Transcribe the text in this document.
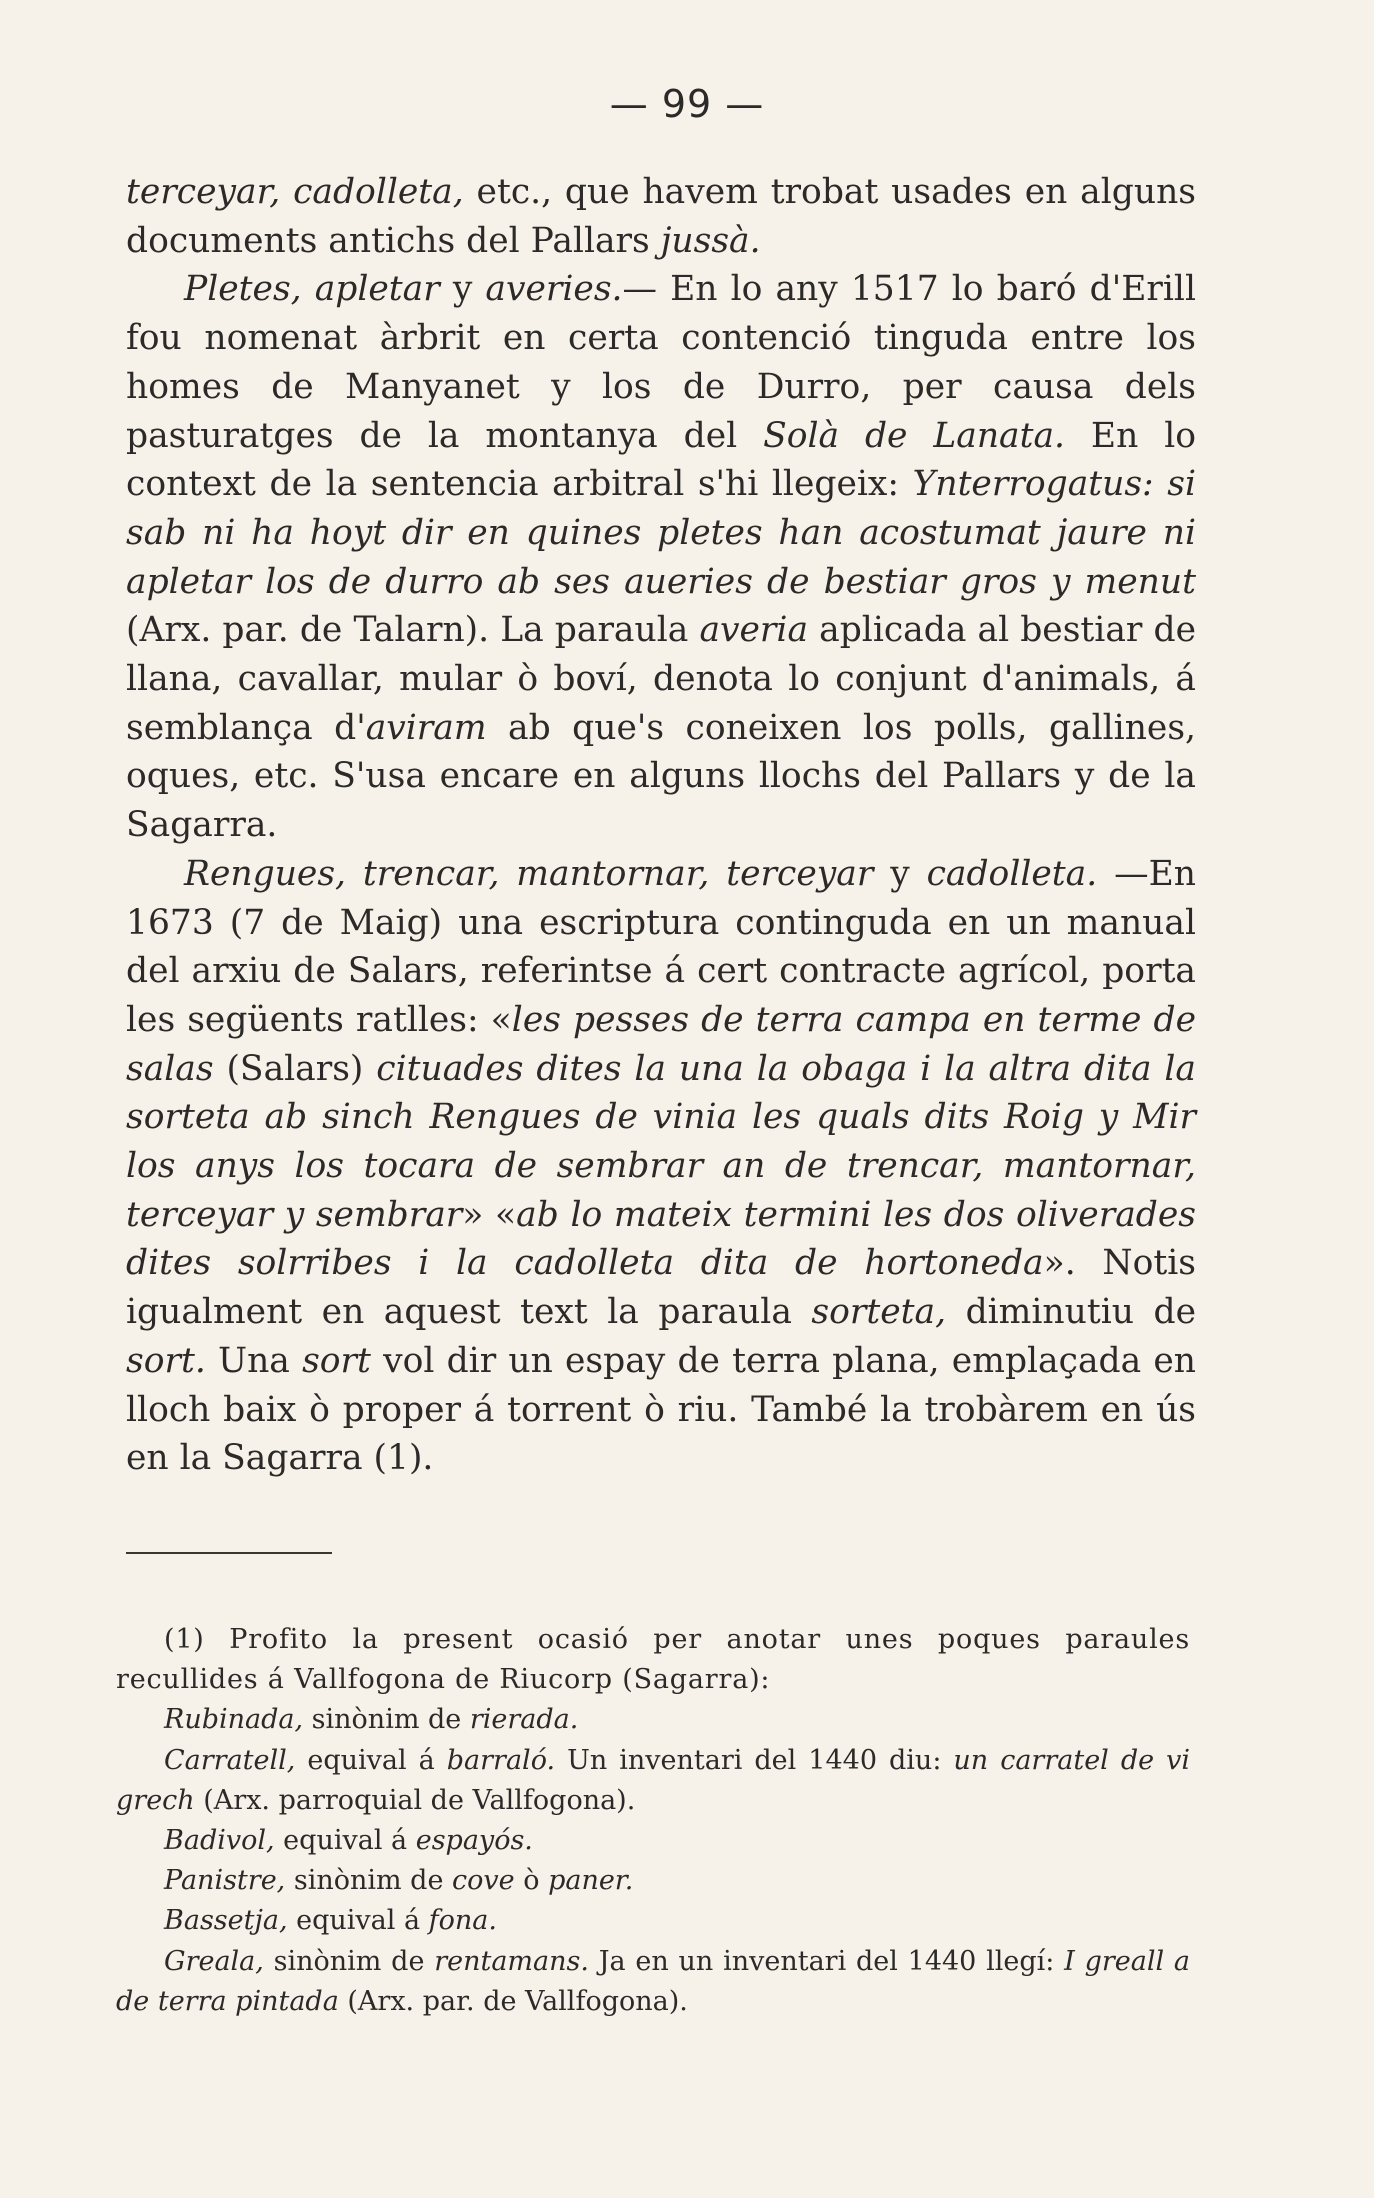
— 99 —

terceyar, cadolleta, etc., que havem trobat usades en alguns documents antichs del Pallars jussà.

Pletes, apletar y averies.— En lo any 1517 lo baró d'Erill fou nomenat àrbrit en certa contenció tinguda entre los homes de Manyanet y los de Durro, per causa dels pasturatges de la montanya del Solà de Lanata. En lo context de la sentencia arbitral s'hi llegeix: Ynterrogatus: si sab ni ha hoyt dir en quines pletes han acostumat jaure ni apletar los de durro ab ses aueries de bestiar gros y menut (Arx. par. de Talarn). La paraula averia aplicada al bestiar de llana, cavallar, mular ò boví, denota lo conjunt d'animals, á semblança d'aviram ab que's coneixen los polls, gallines, oques, etc. S'usa encare en alguns llochs del Pallars y de la Sagarra.

Rengues, trencar, mantornar, terceyar y cadolleta. —En 1673 (7 de Maig) una escriptura continguda en un manual del arxiu de Salars, referintse á cert contracte agrícol, porta les següents ratlles: «les pesses de terra campa en terme de salas (Salars) cituades dites la una la obaga i la altra dita la sorteta ab sinch Rengues de vinia les quals dits Roig y Mir los anys los tocara de sembrar an de trencar, mantornar, terceyar y sembrar» «ab lo mateix termini les dos oliverades dites solrribes i la cadolleta dita de hortoneda». Notis igualment en aquest text la paraula sorteta, diminutiu de sort. Una sort vol dir un espay de terra plana, emplaçada en lloch baix ò proper á torrent ò riu. També la trobàrem en ús en la Sagarra (1).

(1) Profito la present ocasió per anotar unes poques paraules recullides á Vallfogona de Riucorp (Sagarra):

Rubinada, sinònim de rierada.

Carratell, equival á barraló. Un inventari del 1440 diu: un carratel de vi grech (Arx. parroquial de Vallfogona).

Badivol, equival á espayós.

Panistre, sinònim de cove ò paner.

Bassetja, equival á fona.

Greala, sinònim de rentamans. Ja en un inventari del 1440 llegí: I greall a de terra pintada (Arx. par. de Vallfogona).
